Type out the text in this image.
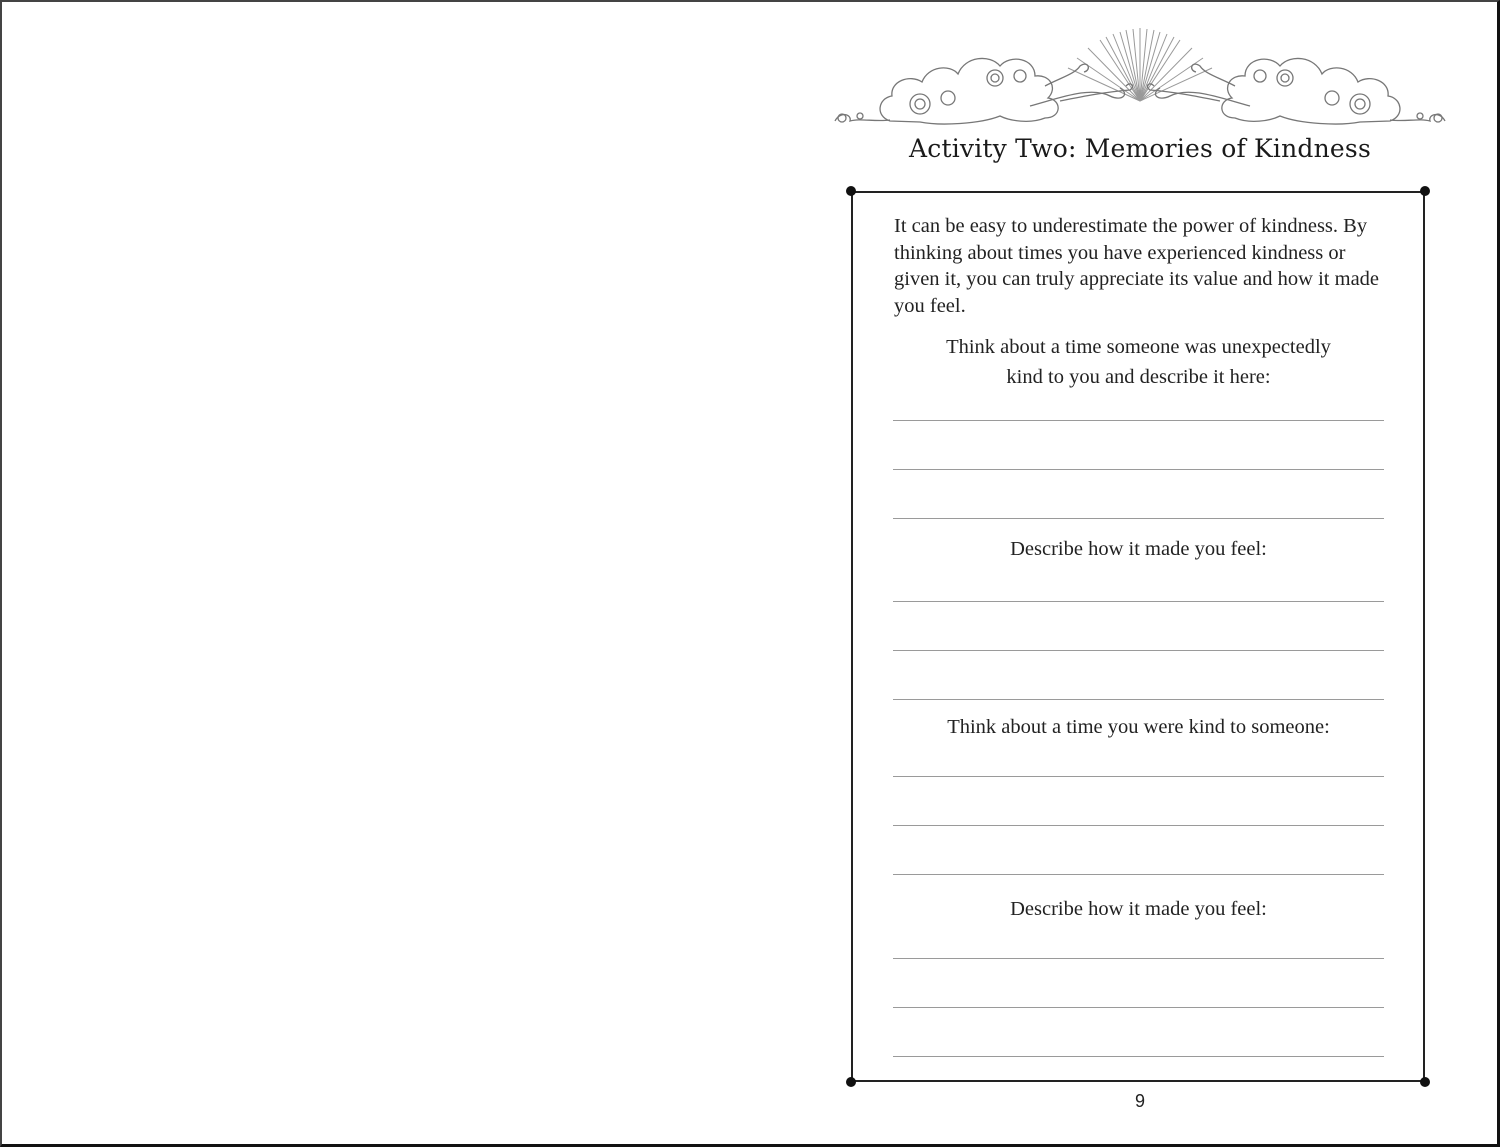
Activity Two: Memories of Kindness
It can be easy to underestimate the power of kindness. By thinking about times you have experienced kindness or given it, you can truly appreciate its value and how it made you feel.
Think about a time someone was unexpectedly
kind to you and describe it here:
Describe how it made you feel:
Think about a time you were kind to someone:
Describe how it made you feel:
9
